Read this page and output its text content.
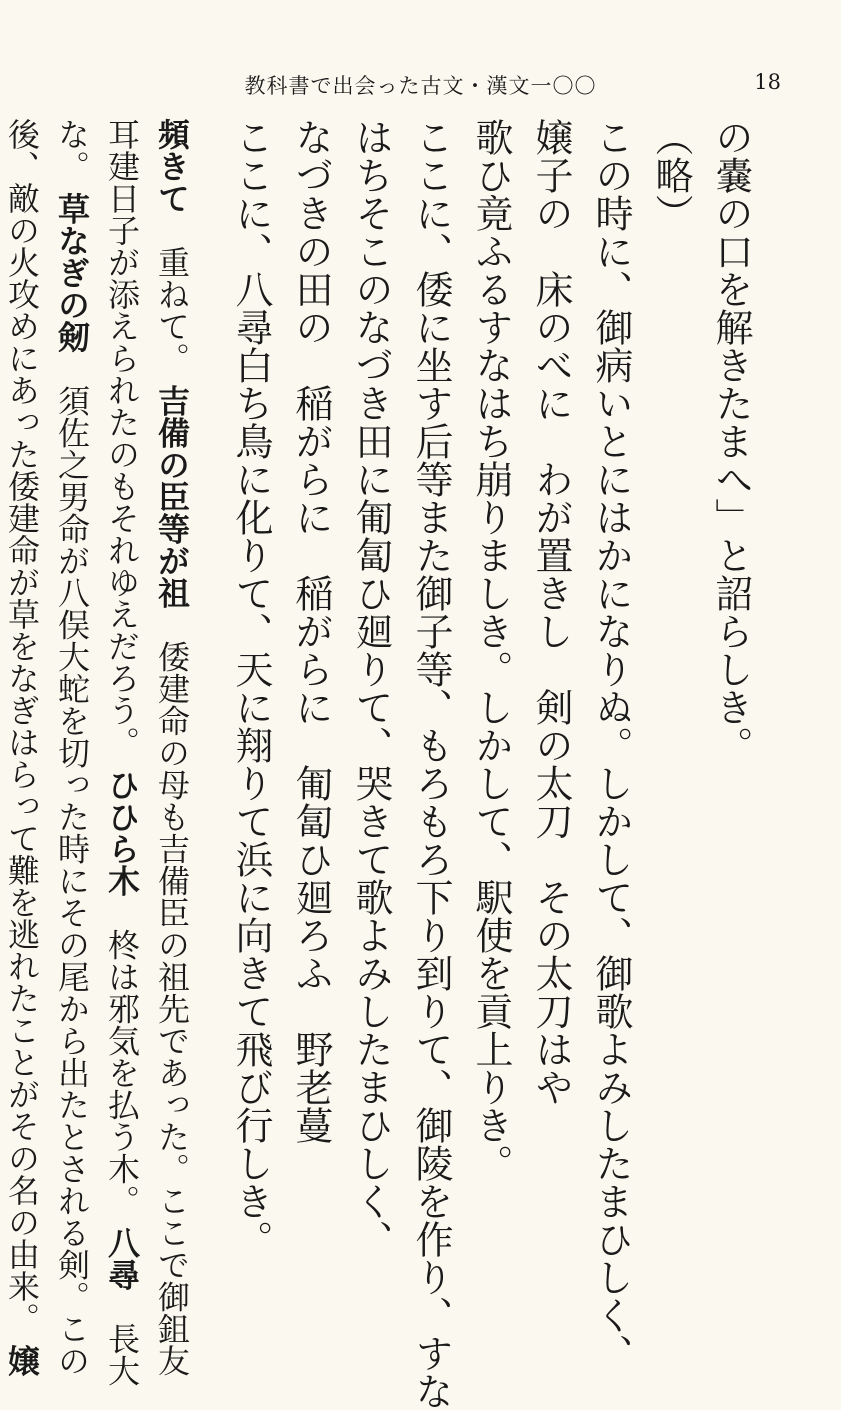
教科書で出会った古文・漢文一〇〇	18
の嚢の口を解きたまへ」と詔らしき。
（略）
この時に、御病いとにはかになりぬ。しかして、御歌よみしたまひしく、
嬢子の　床のべに　わが置きし　剣の太刀　その太刀はや
歌ひ竟ふるすなはち崩りましき。しかして、駅使を貢上りき。
ここに、倭に坐す后等また御子等、もろもろ下り到りて、御陵を作り、すな
はちそこのなづき田に匍匐ひ廻りて、哭きて歌よみしたまひしく、
なづきの田の　稲がらに　稲がらに　匍匐ひ廻ろふ　野老蔓
ここに、八尋白ち鳥に化りて、天に翔りて浜に向きて飛び行しき。
頻きて　重ねて。 吉備の臣等が祖　倭建命の母も吉備臣の祖先であった。ここで御鉏友
耳建日子が添えられたのもそれゆえだろう。 ひひら木　柊は邪気を払う木。 八尋　長大
な。 草なぎの剱　須佐之男命が八俣大蛇を切った時にその尾から出たとされる剣。この
後、敵の火攻めにあった倭建命が草をなぎはらって難を逃れたことがその名の由来。 嬢
